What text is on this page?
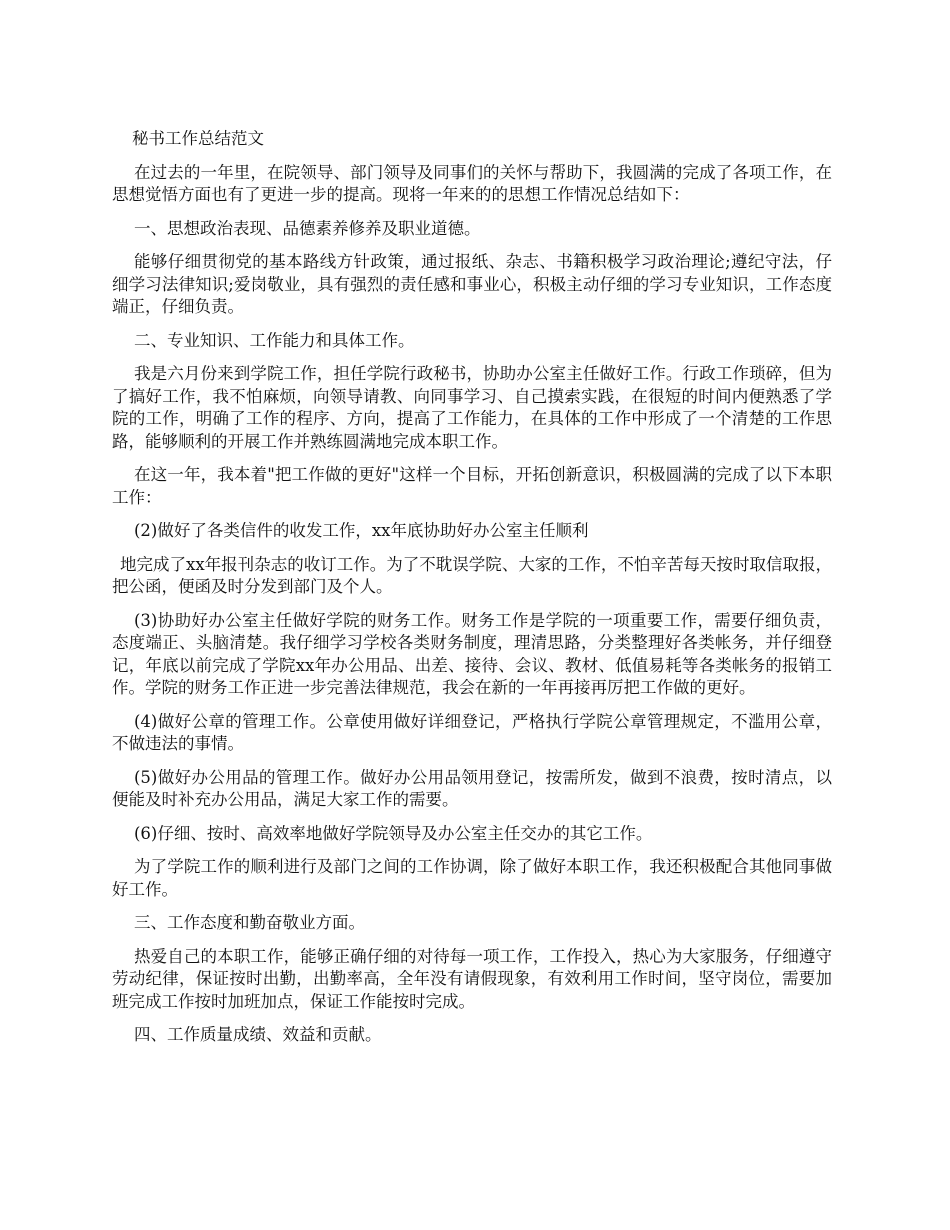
秘书工作总结范文

在过去的一年里，在院领导、部门领导及同事们的关怀与帮助下，我圆满的完成了各项工作，在思想觉悟方面也有了更进一步的提高。现将一年来的的思想工作情况总结如下：

一、思想政治表现、品德素养修养及职业道德。

能够仔细贯彻党的基本路线方针政策，通过报纸、杂志、书籍积极学习政治理论;遵纪守法，仔细学习法律知识;爱岗敬业，具有强烈的责任感和事业心，积极主动仔细的学习专业知识，工作态度端正，仔细负责。

二、专业知识、工作能力和具体工作。

我是六月份来到学院工作，担任学院行政秘书，协助办公室主任做好工作。行政工作琐碎，但为了搞好工作，我不怕麻烦，向领导请教、向同事学习、自己摸索实践，在很短的时间内便熟悉了学院的工作，明确了工作的程序、方向，提高了工作能力，在具体的工作中形成了一个清楚的工作思路，能够顺利的开展工作并熟练圆满地完成本职工作。

在这一年，我本着"把工作做的更好"这样一个目标，开拓创新意识，积极圆满的完成了以下本职工作：

(2)做好了各类信件的收发工作，xx年底协助好办公室主任顺利

地完成了xx年报刊杂志的收订工作。为了不耽误学院、大家的工作，不怕辛苦每天按时取信取报，把公函，便函及时分发到部门及个人。

(3)协助好办公室主任做好学院的财务工作。财务工作是学院的一项重要工作，需要仔细负责，态度端正、头脑清楚。我仔细学习学校各类财务制度，理清思路，分类整理好各类帐务，并仔细登记，年底以前完成了学院xx年办公用品、出差、接待、会议、教材、低值易耗等各类帐务的报销工作。学院的财务工作正进一步完善法律规范，我会在新的一年再接再厉把工作做的更好。

(4)做好公章的管理工作。公章使用做好详细登记，严格执行学院公章管理规定，不滥用公章，不做违法的事情。

(5)做好办公用品的管理工作。做好办公用品领用登记，按需所发，做到不浪费，按时清点，以便能及时补充办公用品，满足大家工作的需要。

(6)仔细、按时、高效率地做好学院领导及办公室主任交办的其它工作。

为了学院工作的顺利进行及部门之间的工作协调，除了做好本职工作，我还积极配合其他同事做好工作。

三、工作态度和勤奋敬业方面。

热爱自己的本职工作，能够正确仔细的对待每一项工作，工作投入，热心为大家服务，仔细遵守劳动纪律，保证按时出勤，出勤率高，全年没有请假现象，有效利用工作时间，坚守岗位，需要加班完成工作按时加班加点，保证工作能按时完成。

四、工作质量成绩、效益和贡献。
